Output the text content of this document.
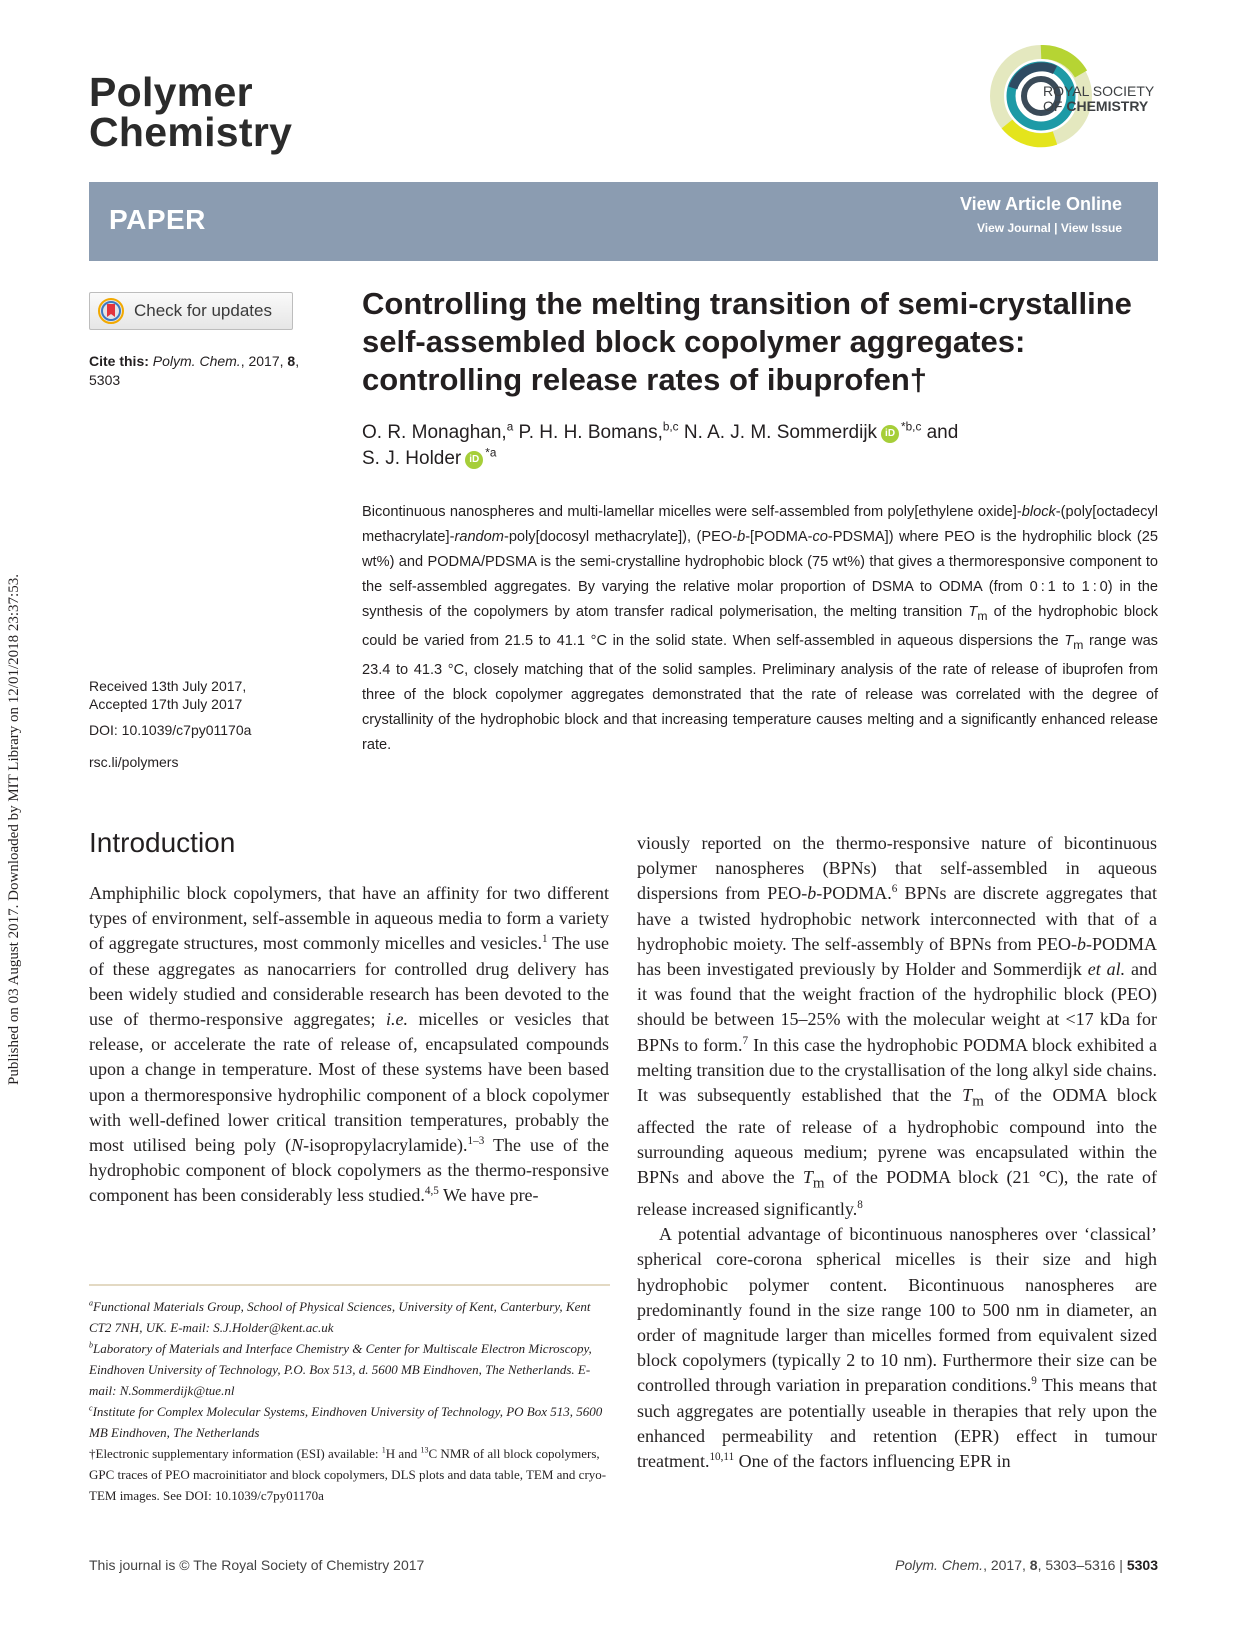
Published on 03 August 2017. Downloaded by MIT Library on 12/01/2018 23:37:53.
Polymer
Chemistry
ROYAL SOCIETY
OF CHEMISTRY
PAPER	View Article Online
View Journal | View Issue
Check for updates
Cite this: Polym. Chem., 2017, 8, 5303
Received 13th July 2017,
Accepted 17th July 2017
DOI: 10.1039/c7py01170a
rsc.li/polymers
Controlling the melting transition of semi-crystalline
self-assembled block copolymer aggregates:
controlling release rates of ibuprofen†
O. R. Monaghan,$^a$ P. H. H. Bomans,$^{b,c}$ N. A. J. M. Sommerdijk iD $^{*b,c}$ and
S. J. Holder iD $^{*a}$
Bicontinuous nanospheres and multi-lamellar micelles were self-assembled from poly[ethylene oxide]-block-(poly[octadecyl methacrylate]-random-poly[docosyl methacrylate]), (PEO-b-[PODMA-co-PDSMA]) where PEO is the hydrophilic block (25 wt%) and PODMA/PDSMA is the semi-crystalline hydrophobic block (75 wt%) that gives a thermoresponsive component to the self-assembled aggregates. By varying the relative molar proportion of DSMA to ODMA (from 0 : 1 to 1 : 0) in the synthesis of the copolymers by atom transfer radical polymerisation, the melting transition $T_m$ of the hydrophobic block could be varied from 21.5 to 41.1 °C in the solid state. When self-assembled in aqueous dispersions the $T_m$ range was 23.4 to 41.3 °C, closely matching that of the solid samples. Preliminary analysis of the rate of release of ibuprofen from three of the block copolymer aggregates demonstrated that the rate of release was correlated with the degree of crystallinity of the hydrophobic block and that increasing temperature causes melting and a significantly enhanced release rate.
Introduction
Amphiphilic block copolymers, that have an affinity for two different types of environment, self-assemble in aqueous media to form a variety of aggregate structures, most commonly micelles and vesicles.$^1$ The use of these aggregates as nanocarriers for controlled drug delivery has been widely studied and considerable research has been devoted to the use of thermo-responsive aggregates; i.e. micelles or vesicles that release, or accelerate the rate of release of, encapsulated compounds upon a change in temperature. Most of these systems have been based upon a thermoresponsive hydrophilic component of a block copolymer with well-defined lower critical transition temperatures, probably the most utilised being poly (N-isopropylacrylamide).$^{1-3}$ The use of the hydrophobic component of block copolymers as the thermo-responsive component has been considerably less studied.$^{4,5}$ We have pre-

viously reported on the thermo-responsive nature of bicontinuous polymer nanospheres (BPNs) that self-assembled in aqueous dispersions from PEO-b-PODMA.$^6$ BPNs are discrete aggregates that have a twisted hydrophobic network interconnected with that of a hydrophobic moiety. The self-assembly of BPNs from PEO-b-PODMA has been investigated previously by Holder and Sommerdijk et al. and it was found that the weight fraction of the hydrophilic block (PEO) should be between 15–25% with the molecular weight at <17 kDa for BPNs to form.$^7$ In this case the hydrophobic PODMA block exhibited a melting transition due to the crystallisation of the long alkyl side chains. It was subsequently established that the $T_m$ of the ODMA block affected the rate of release of a hydrophobic compound into the surrounding aqueous medium; pyrene was encapsulated within the BPNs and above the $T_m$ of the PODMA block (21 °C), the rate of release increased significantly.$^8$

A potential advantage of bicontinuous nanospheres over ‘classical’ spherical core-corona spherical micelles is their size and high hydrophobic polymer content. Bicontinuous nanospheres are predominantly found in the size range 100 to 500 nm in diameter, an order of magnitude larger than micelles formed from equivalent sized block copolymers (typically 2 to 10 nm). Furthermore their size can be controlled through variation in preparation conditions.$^9$ This means that such aggregates are potentially useable in therapies that rely upon the enhanced permeability and retention (EPR) effect in tumour treatment.$^{10,11}$ One of the factors influencing EPR in

$^a$Functional Materials Group, School of Physical Sciences, University of Kent, Canterbury, Kent CT2 7NH, UK. E-mail: S.J.Holder@kent.ac.uk
$^b$Laboratory of Materials and Interface Chemistry & Center for Multiscale Electron Microscopy, Eindhoven University of Technology, P.O. Box 513, d. 5600 MB Eindhoven, The Netherlands. E-mail: N.Sommerdijk@tue.nl
$^c$Institute for Complex Molecular Systems, Eindhoven University of Technology, PO Box 513, 5600 MB Eindhoven, The Netherlands
†Electronic supplementary information (ESI) available: $^1$H and $^{13}$C NMR of all block copolymers, GPC traces of PEO macroinitiator and block copolymers, DLS plots and data table, TEM and cryo-TEM images. See DOI: 10.1039/c7py01170a
This journal is © The Royal Society of Chemistry 2017	Polym. Chem., 2017, 8, 5303–5316 | 5303
